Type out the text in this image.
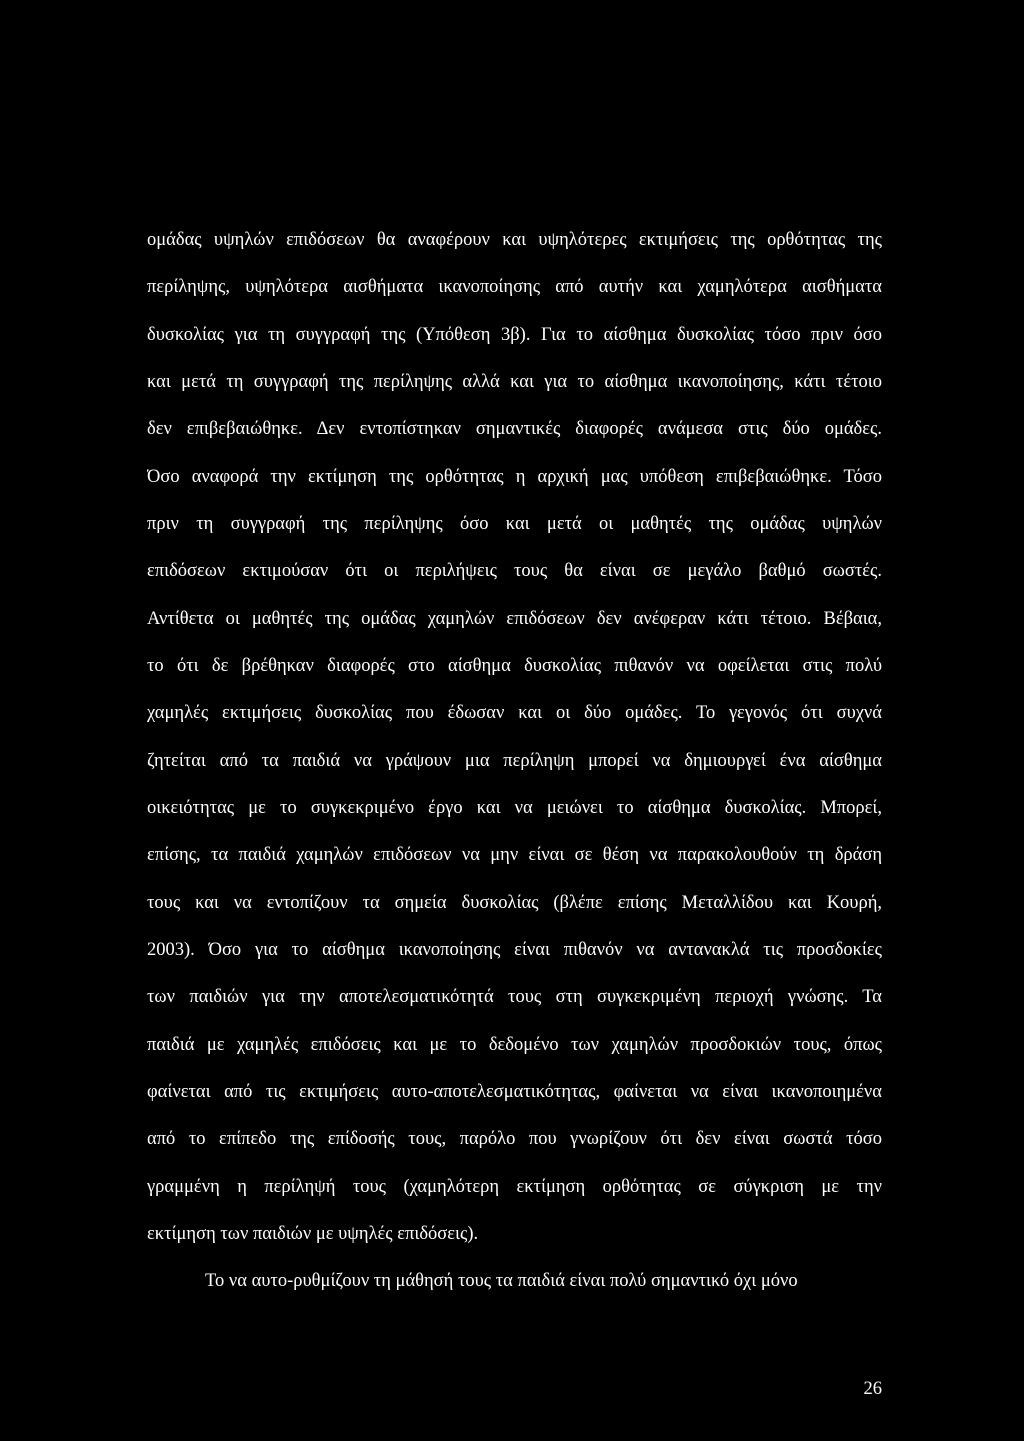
ομάδας υψηλών επιδόσεων θα αναφέρουν και υψηλότερες εκτιμήσεις της ορθότητας της
περίληψης, υψηλότερα αισθήματα ικανοποίησης από αυτήν και χαμηλότερα αισθήματα
δυσκολίας για τη συγγραφή της (Υπόθεση 3β). Για το αίσθημα δυσκολίας τόσο πριν όσο
και μετά τη συγγραφή της περίληψης αλλά και για το αίσθημα ικανοποίησης, κάτι τέτοιο
δεν επιβεβαιώθηκε. Δεν εντοπίστηκαν σημαντικές διαφορές ανάμεσα στις δύο ομάδες.
Όσο αναφορά την εκτίμηση της ορθότητας η αρχική μας υπόθεση επιβεβαιώθηκε. Τόσο
πριν τη συγγραφή της περίληψης όσο και μετά οι μαθητές της ομάδας υψηλών
επιδόσεων εκτιμούσαν ότι οι περιλήψεις τους θα είναι σε μεγάλο βαθμό σωστές.
Αντίθετα οι μαθητές της ομάδας χαμηλών επιδόσεων δεν ανέφεραν κάτι τέτοιο. Βέβαια,
το ότι δε βρέθηκαν διαφορές στο αίσθημα δυσκολίας πιθανόν να οφείλεται στις πολύ
χαμηλές εκτιμήσεις δυσκολίας που έδωσαν και οι δύο ομάδες. Το γεγονός ότι συχνά
ζητείται από τα παιδιά να γράψουν μια περίληψη μπορεί να δημιουργεί ένα αίσθημα
οικειότητας με το συγκεκριμένο έργο και να μειώνει το αίσθημα δυσκολίας. Μπορεί,
επίσης, τα παιδιά χαμηλών επιδόσεων να μην είναι σε θέση να παρακολουθούν τη δράση
τους και να εντοπίζουν τα σημεία δυσκολίας (βλέπε επίσης Μεταλλίδου και Κουρή,
2003). Όσο για το αίσθημα ικανοποίησης είναι πιθανόν να αντανακλά τις προσδοκίες
των παιδιών για την αποτελεσματικότητά τους στη συγκεκριμένη περιοχή γνώσης. Τα
παιδιά με χαμηλές επιδόσεις και με το δεδομένο των χαμηλών προσδοκιών τους, όπως
φαίνεται από τις εκτιμήσεις αυτο-αποτελεσματικότητας, φαίνεται να είναι ικανοποιημένα
από το επίπεδο της επίδοσής τους, παρόλο που γνωρίζουν ότι δεν είναι σωστά τόσο
γραμμένη η περίληψή τους (χαμηλότερη εκτίμηση ορθότητας σε σύγκριση με την
εκτίμηση των παιδιών με υψηλές επιδόσεις).
Το να αυτο-ρυθμίζουν τη μάθησή τους τα παιδιά είναι πολύ σημαντικό όχι μόνο
26
